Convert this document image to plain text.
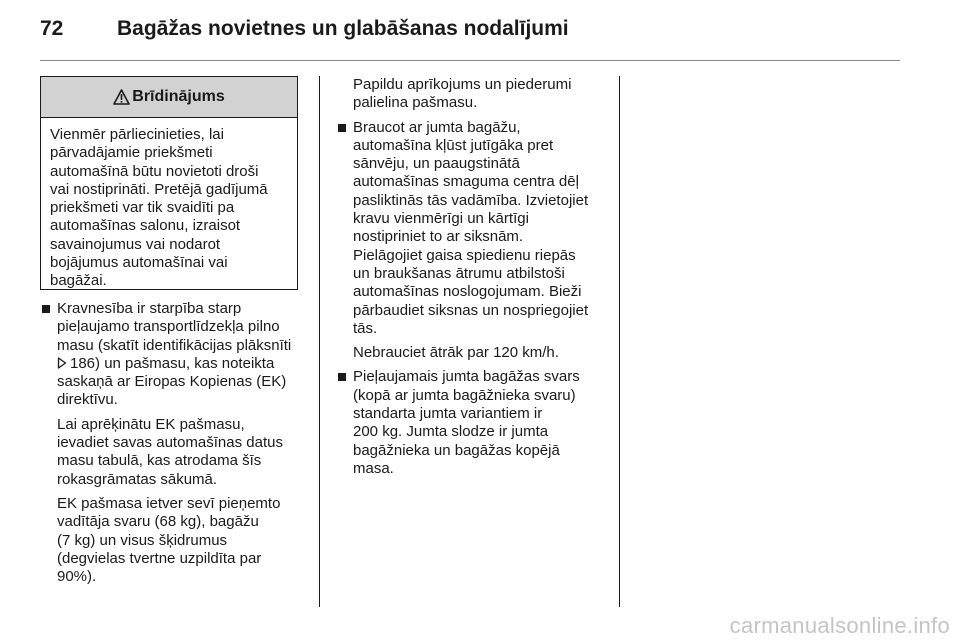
72	Bagāžas novietnes un glabāšanas nodalījumi
Brīdinājums
Vienmēr pārliecinieties, lai
pārvadājamie priekšmeti
automašīnā būtu novietoti droši
vai nostiprināti. Pretējā gadījumā
priekšmeti var tik svaidīti pa
automašīnas salonu, izraisot
savainojumus vai nodarot
bojājumus automašīnai vai
bagāžai.
Kravnesība ir starpība starp
pieļaujamo transportlīdzekļa pilno
masu (skatīt identifikācijas plāksnīti
186) un pašmasu, kas noteikta
saskaņā ar Eiropas Kopienas (EK)
direktīvu.
Lai aprēķinātu EK pašmasu,
ievadiet savas automašīnas datus
masu tabulā, kas atrodama šīs
rokasgrāmatas sākumā.
EK pašmasa ietver sevī pieņemto
vadītāja svaru (68 kg), bagāžu
(7 kg) un visus šķidrumus
(degvielas tvertne uzpildīta par
90%).
Papildu aprīkojums un piederumi
palielina pašmasu.
Braucot ar jumta bagāžu,
automašīna kļūst jutīgāka pret
sānvēju, un paaugstinātā
automašīnas smaguma centra dēļ
pasliktinās tās vadāmība. Izvietojiet
kravu vienmērīgi un kārtīgi
nostipriniet to ar siksnām.
Pielāgojiet gaisa spiedienu riepās
un braukšanas ātrumu atbilstoši
automašīnas noslogojumam. Bieži
pārbaudiet siksnas un nospriegojiet
tās.
Nebrauciet ātrāk par 120 km/h.
Pieļaujamais jumta bagāžas svars
(kopā ar jumta bagāžnieka svaru)
standarta jumta variantiem ir
200 kg. Jumta slodze ir jumta
bagāžnieka un bagāžas kopējā
masa.
carmanualsonline.info
